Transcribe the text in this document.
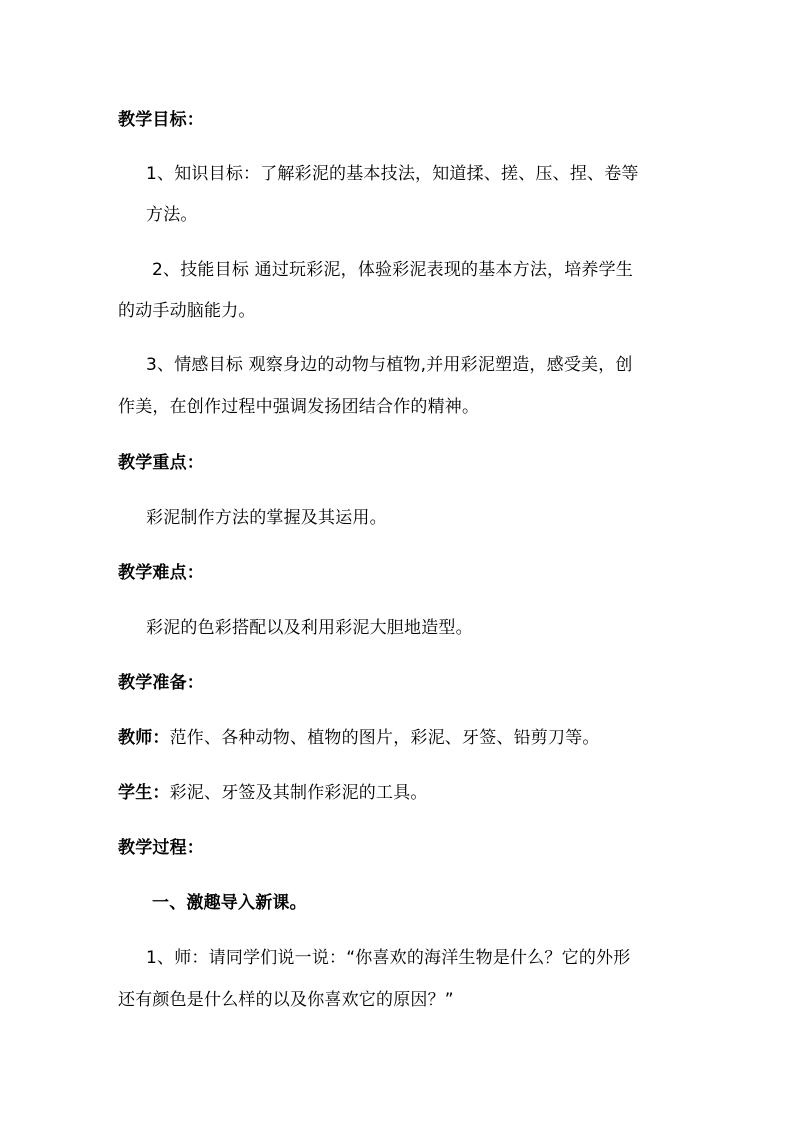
教学目标：
1、知识目标：了解彩泥的基本技法，知道揉、搓、压、捏、卷等
方法。
2、技能目标 通过玩彩泥，体验彩泥表现的基本方法，培养学生
的动手动脑能力。
3、情感目标 观察身边的动物与植物,并用彩泥塑造，感受美，创
作美，在创作过程中强调发扬团结合作的精神。
教学重点：
彩泥制作方法的掌握及其运用。
教学难点：
彩泥的色彩搭配以及利用彩泥大胆地造型。
教学准备：
教师：范作、各种动物、植物的图片，彩泥、牙签、铅剪刀等。
学生：彩泥、牙签及其制作彩泥的工具。
教学过程：
一、激趣导入新课。
1、师：请同学们说一说：“你喜欢的海洋生物是什么？它的外形
还有颜色是什么样的以及你喜欢它的原因？”
